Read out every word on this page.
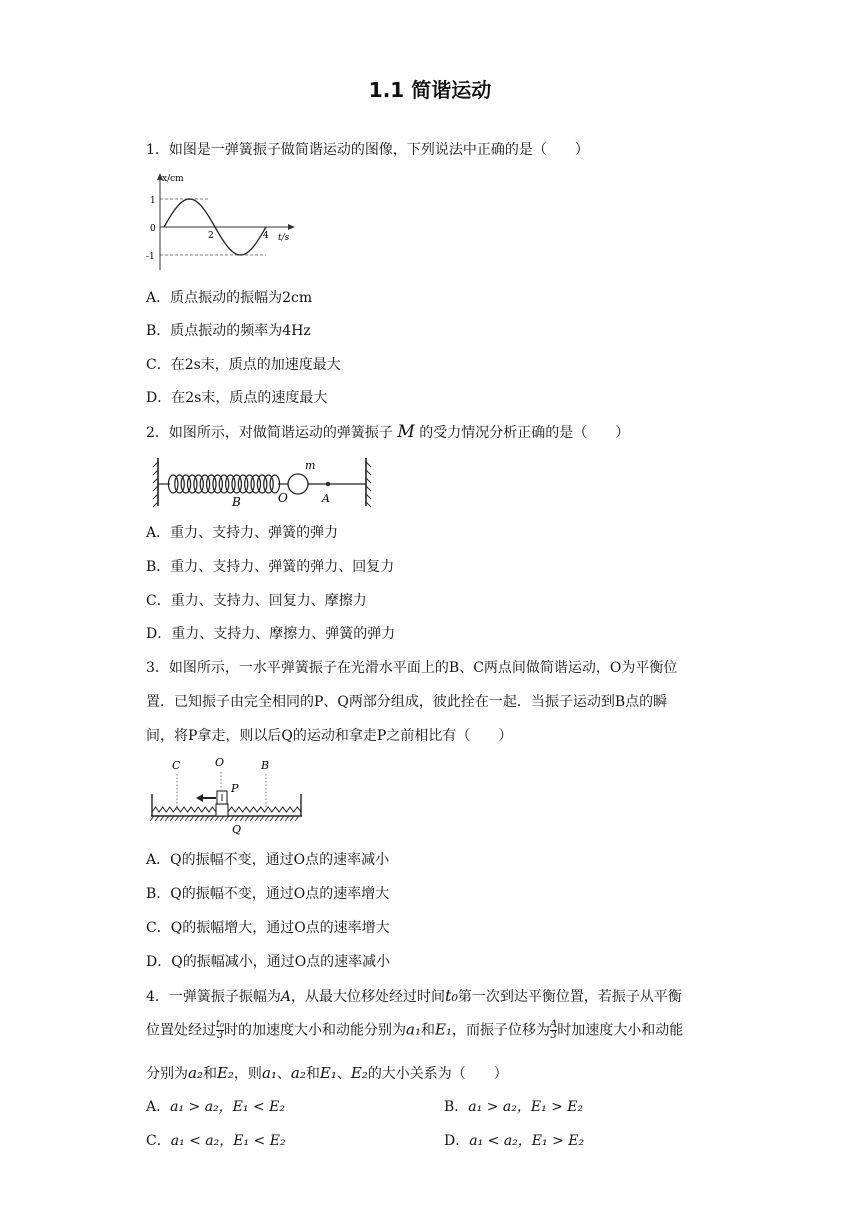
1.1 简谐运动
1．如图是一弹簧振子做简谐运动的图像，下列说法中正确的是（　　）
x/cm
t/s
1
0
-1
2	4
A．质点振动的振幅为2cm
B．质点振动的频率为4Hz
C．在2s末，质点的加速度最大
D．在2s末，质点的速度最大
2．如图所示，对做简谐运动的弹簧振子 M 的受力情况分析正确的是（　　）
m
B	O	A
A．重力、支持力、弹簧的弹力
B．重力、支持力、弹簧的弹力、回复力
C．重力、支持力、回复力、摩擦力
D．重力、支持力、摩擦力、弹簧的弹力
3．如图所示，一水平弹簧振子在光滑水平面上的B、C两点间做简谐运动，O为平衡位
置．已知振子由完全相同的P、Q两部分组成，彼此拴在一起．当振子运动到B点的瞬
间，将P拿走，则以后Q的运动和拿走P之前相比有（　　）
C	O	B
P
Q
A．Q的振幅不变，通过O点的速率减小
B．Q的振幅不变，通过O点的速率增大
C．Q的振幅增大，通过O点的速率增大
D．Q的振幅减小，通过O点的速率减小
4．一弹簧振子振幅为A，从最大位移处经过时间t₀第一次到达平衡位置，若振子从平衡
位置处经过 $\frac{\text{t₀}}{3}$ 时的加速度大小和动能分别为a₁和E₁，而振子位移为 $\frac{A}{3}$ 时加速度大小和动能
分别为a₂和E₂，则a₁、a₂和E₁、E₂的大小关系为（　　）
A．a₁ > a₂，E₁ < E₂	B．a₁ > a₂，E₁ > E₂
C．a₁ < a₂，E₁ < E₂	D．a₁ < a₂，E₁ > E₂
